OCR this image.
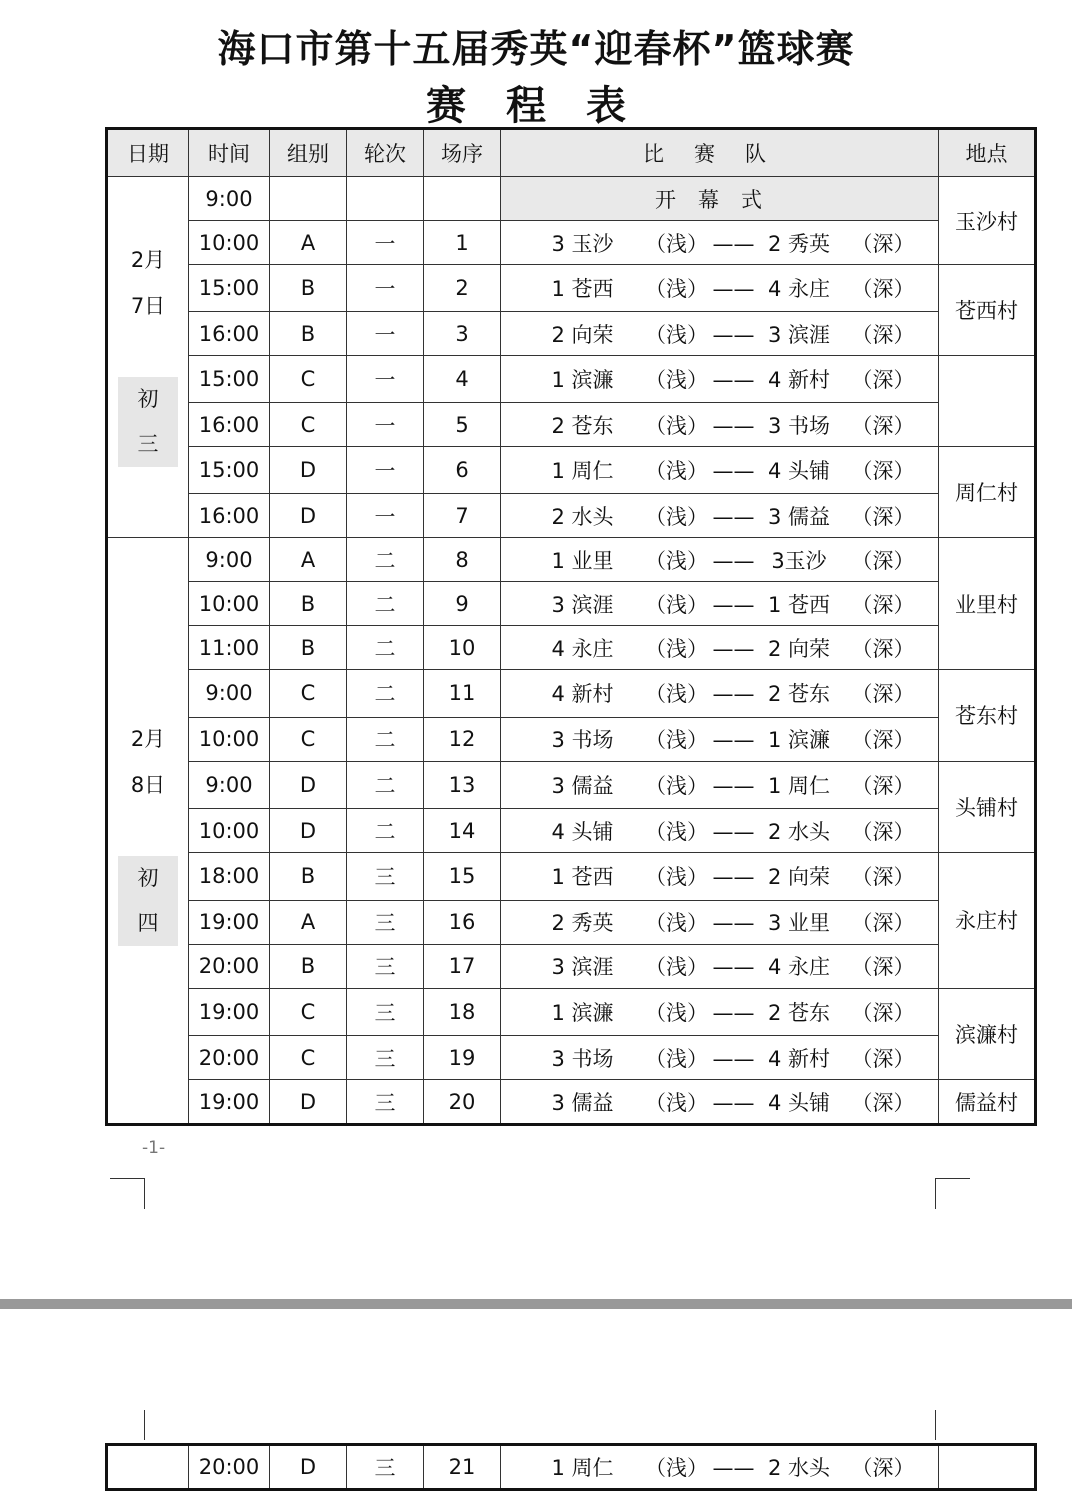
海口市第十五届秀英“迎春杯”篮球赛
赛程表
日期	时间	组别	轮次	场序	比赛队	地点

2月
7日
初
三	9:00				开幕式	玉沙村
	10:00	A	一	1	3 玉沙 （浅） —— 2 秀英 （深）	
	15:00	B	一	2	1 苍西 （浅） —— 4 永庄 （深）	苍西村
	16:00	B	一	3	2 向荣 （浅） —— 3 滨涯 （深）	
	15:00	C	一	4	1 滨濂 （浅） —— 4 新村 （深）	
	16:00	C	一	5	2 苍东 （浅） —— 3 书场 （深）	
	15:00	D	一	6	1 周仁 （浅） —— 4 头铺 （深）	周仁村
	16:00	D	一	7	2 水头 （浅） —— 3 儒益 （深）	

2月
8日
初
四	9:00	A	二	8	1 业里 （浅） —— 3玉沙 （深）	业里村
	10:00	B	二	9	3 滨涯 （浅） —— 1 苍西 （深）	
	11:00	B	二	10	4 永庄 （浅） —— 2 向荣 （深）	
	9:00	C	二	11	4 新村 （浅） —— 2 苍东 （深）	苍东村
	10:00	C	二	12	3 书场 （浅） —— 1 滨濂 （深）	
	9:00	D	二	13	3 儒益 （浅） —— 1 周仁 （深）	头铺村
	10:00	D	二	14	4 头铺 （浅） —— 2 水头 （深）	
	18:00	B	三	15	1 苍西 （浅） —— 2 向荣 （深）	永庄村
	19:00	A	三	16	2 秀英 （浅） —— 3 业里 （深）	
	20:00	B	三	17	3 滨涯 （浅） —— 4 永庄 （深）	
	19:00	C	三	18	1 滨濂 （浅） —— 2 苍东 （深）	滨濂村
	20:00	C	三	19	3 书场 （浅） —— 4 新村 （深）	
	19:00	D	三	20	3 儒益 （浅） —— 4 头铺 （深）	儒益村
-1-
	20:00	D	三	21	1 周仁 （浅） —— 2 水头 （深）	
